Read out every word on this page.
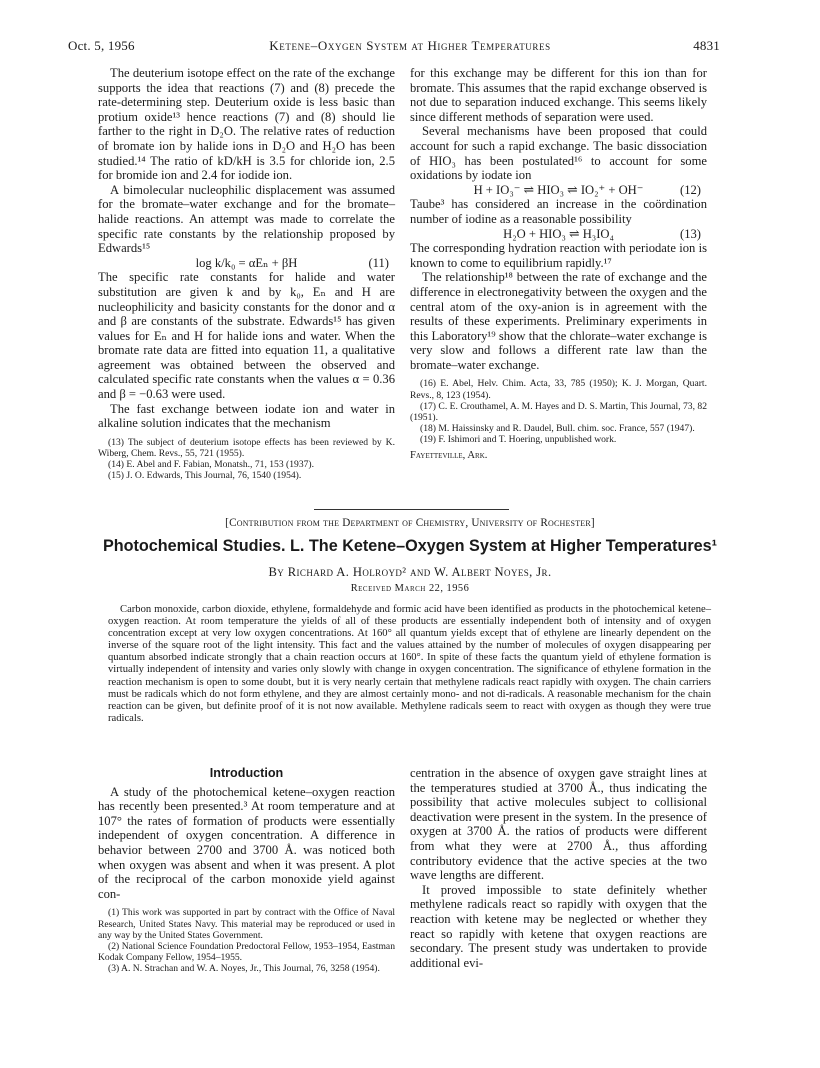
Oct. 5, 1956	Ketene–Oxygen System at Higher Temperatures	4831

The deuterium isotope effect on the rate of the exchange supports the idea that reactions (7) and (8) precede the rate-determining step. Deuterium oxide is less basic than protium oxide¹³ hence reactions (7) and (8) should lie farther to the right in D₂O. The relative rates of reduction of bromate ion by halide ions in D₂O and H₂O has been studied.¹⁴ The ratio of kD/kH is 3.5 for chloride ion, 2.5 for bromide ion and 2.4 for iodide ion.

A bimolecular nucleophilic displacement was assumed for the bromate–water exchange and for the bromate–halide reactions. An attempt was made to correlate the specific rate constants by the relationship proposed by Edwards¹⁵

log k/k₀ = αEₙ + βH	(11)

The specific rate constants for halide and water substitution are given k and by k₀, Eₙ and H are nucleophilicity and basicity constants for the donor and α and β are constants of the substrate. Edwards¹⁵ has given values for Eₙ and H for halide ions and water. When the bromate rate data are fitted into equation 11, a qualitative agreement was obtained between the observed and calculated specific rate constants when the values α = 0.36 and β = −0.63 were used.

The fast exchange between iodate ion and water in alkaline solution indicates that the mechanism

(13) The subject of deuterium isotope effects has been reviewed by K. Wiberg, Chem. Revs., 55, 721 (1955).

(14) E. Abel and F. Fabian, Monatsh., 71, 153 (1937).

(15) J. O. Edwards, This Journal, 76, 1540 (1954).

for this exchange may be different for this ion than for bromate. This assumes that the rapid exchange observed is not due to separation induced exchange. This seems likely since different methods of separation were used.

Several mechanisms have been proposed that could account for such a rapid exchange. The basic dissociation of HIO₃ has been postulated¹⁶ to account for some oxidations by iodate ion

H + IO₃⁻ ⇌ HIO₃ ⇌ IO₂⁺ + OH⁻	(12)

Taube³ has considered an increase in the coördination number of iodine as a reasonable possibility

H₂O + HIO₃ ⇌ H₃IO₄	(13)

The corresponding hydration reaction with periodate ion is known to come to equilibrium rapidly.¹⁷

The relationship¹⁸ between the rate of exchange and the difference in electronegativity between the oxygen and the central atom of the oxy-anion is in agreement with the results of these experiments. Preliminary experiments in this Laboratory¹⁹ show that the chlorate–water exchange is very slow and follows a different rate law than the bromate–water exchange.

(16) E. Abel, Helv. Chim. Acta, 33, 785 (1950); K. J. Morgan, Quart. Revs., 8, 123 (1954).

(17) C. E. Crouthamel, A. M. Hayes and D. S. Martin, This Journal, 73, 82 (1951).

(18) M. Haissinsky and R. Daudel, Bull. chim. soc. France, 557 (1947).

(19) F. Ishimori and T. Hoering, unpublished work.

Fayetteville, Ark.
[Contribution from the Department of Chemistry, University of Rochester]
Photochemical Studies. L. The Ketene–Oxygen System at Higher Temperatures¹
By Richard A. Holroyd² and W. Albert Noyes, Jr.
Received March 22, 1956
Carbon monoxide, carbon dioxide, ethylene, formaldehyde and formic acid have been identified as products in the photochemical ketene–oxygen reaction. At room temperature the yields of all of these products are essentially independent both of intensity and of oxygen concentration except at very low oxygen concentrations. At 160° all quantum yields except that of ethylene are linearly dependent on the inverse of the square root of the light intensity. This fact and the values attained by the number of molecules of oxygen disappearing per quantum absorbed indicate strongly that a chain reaction occurs at 160°. In spite of these facts the quantum yield of ethylene formation is virtually independent of intensity and varies only slowly with change in oxygen concentration. The significance of ethylene formation in the reaction mechanism is open to some doubt, but it is very nearly certain that methylene radicals react rapidly with oxygen. The chain carriers must be radicals which do not form ethylene, and they are almost certainly mono- and not di-radicals. A reasonable mechanism for the chain reaction can be given, but definite proof of it is not now available. Methylene radicals seem to react with oxygen as though they were true radicals.

Introduction

A study of the photochemical ketene–oxygen reaction has recently been presented.³ At room temperature and at 107° the rates of formation of products were essentially independent of oxygen concentration. A difference in behavior between 2700 and 3700 Å. was noticed both when oxygen was absent and when it was present. A plot of the reciprocal of the carbon monoxide yield against con-

(1) This work was supported in part by contract with the Office of Naval Research, United States Navy. This material may be reproduced or used in any way by the United States Government.

(2) National Science Foundation Predoctoral Fellow, 1953–1954, Eastman Kodak Company Fellow, 1954–1955.

(3) A. N. Strachan and W. A. Noyes, Jr., This Journal, 76, 3258 (1954).

centration in the absence of oxygen gave straight lines at the temperatures studied at 3700 Å., thus indicating the possibility that active molecules subject to collisional deactivation were present in the system. In the presence of oxygen at 3700 Å. the ratios of products were different from what they were at 2700 Å., thus affording contributory evidence that the active species at the two wave lengths are different.

It proved impossible to state definitely whether methylene radicals react so rapidly with oxygen that the reaction with ketene may be neglected or whether they react so rapidly with ketene that oxygen reactions are secondary. The present study was undertaken to provide additional evi-
